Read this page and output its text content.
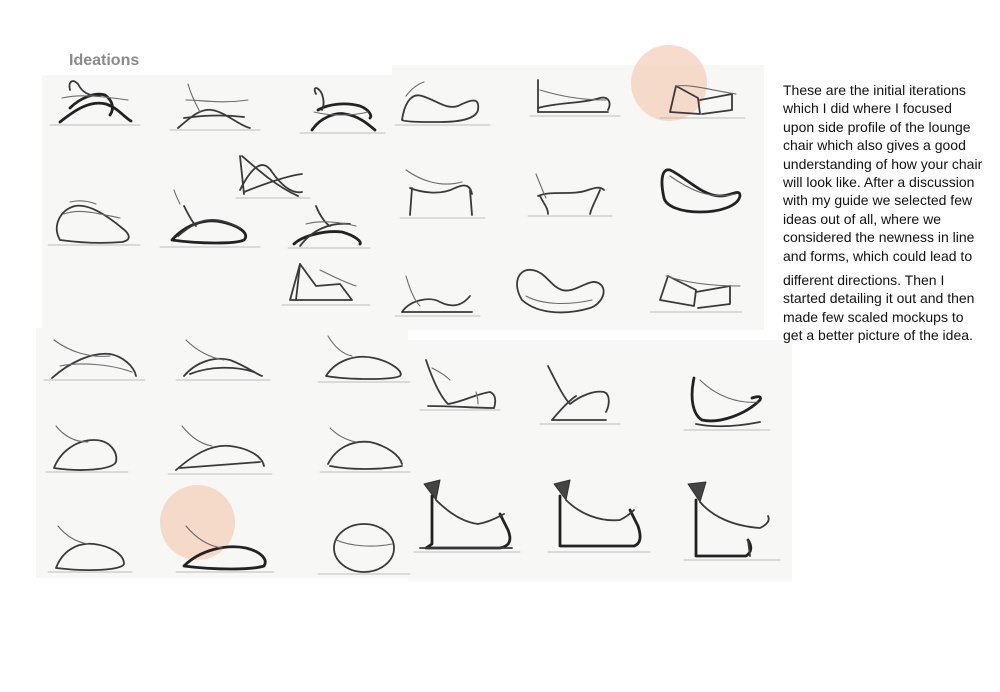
Ideations

These are the initial iterations which I did where I focused upon side profile of the lounge chair which also gives a good understanding of how your chair will look like. After a discussion with my guide we selected few ideas out of all, where we considered the newness in line and forms, which could lead to

different directions. Then I started detailing it out and then made few scaled mockups to get a better picture of the idea.
